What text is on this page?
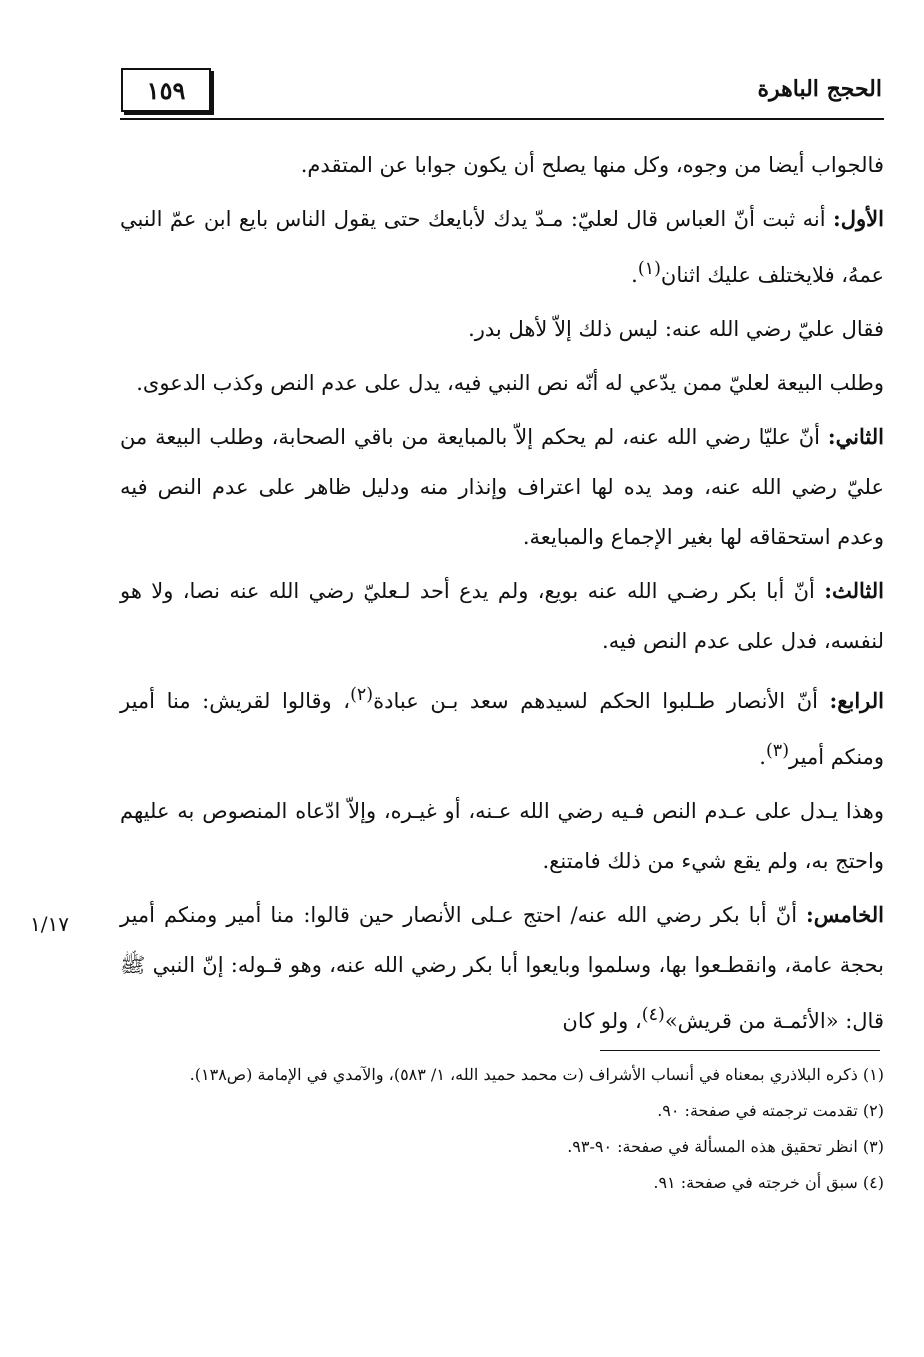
١٥٩	الحجج الباهرة

فالجواب أيضا من وجوه، وكل منها يصلح أن يكون جوابا عن المتقدم.

الأول: أنه ثبت أنّ العباس قال لعليّ: مـدّ يدك لأبايعك حتى يقول الناس بايع ابن عمّ النبي عمهُ، فلايختلف عليك اثنان$^{(١)}$.

فقال عليّ رضي الله عنه: ليس ذلك إلاّ لأهل بدر.

وطلب البيعة لعليّ ممن يدّعي له أنّه نص النبي فيه، يدل على عدم النص وكذب الدعوى.

الثاني: أنّ عليّا رضي الله عنه، لم يحكم إلاّ بالمبايعة من باقي الصحابة، وطلب البيعة من عليّ رضي الله عنه، ومد يده لها اعتراف وإنذار منه ودليل ظاهر على عدم النص فيه وعدم استحقاقه لها بغير الإجماع والمبايعة.

الثالث: أنّ أبا بكر رضـي الله عنه بويع، ولم يدع أحد لـعليّ رضي الله عنه نصا، ولا هو لنفسه، فدل على عدم النص فيه.

الرابع: أنّ الأنصار طـلبوا الحكم لسيدهم سعد بـن عبادة$^{(٢)}$، وقالوا لقريش: منا أمير ومنكم أمير$^{(٣)}$.

وهذا يـدل على عـدم النص فـيه رضي الله عـنه، أو غيـره، وإلاّ ادّعاه المنصوص به عليهم واحتج به، ولم يقع شيء من ذلك فامتنع.

الخامس: أنّ أبا بكر رضي الله عنه/ احتج عـلى الأنصار حين قالوا: منا أمير ومنكم أمير بحجة عامة، وانقطـعوا بها، وسلموا وبايعوا أبا بكر رضي الله عنه، وهو قـوله: إنّ النبي ﷺ قال: «الأئمـة من قريش»$^{(٤)}$، ولو كان

١/١٧

(١) ذكره البلاذري بمعناه في أنساب الأشراف (ت محمد حميد الله، ١/ ٥٨٣)، والآمدي في الإمامة (ص١٣٨).

(٢) تقدمت ترجمته في صفحة: ٩٠.

(٣) انظر تحقيق هذه المسألة في صفحة: ٩٠-٩٣.

(٤) سبق أن خرجته في صفحة: ٩١.
